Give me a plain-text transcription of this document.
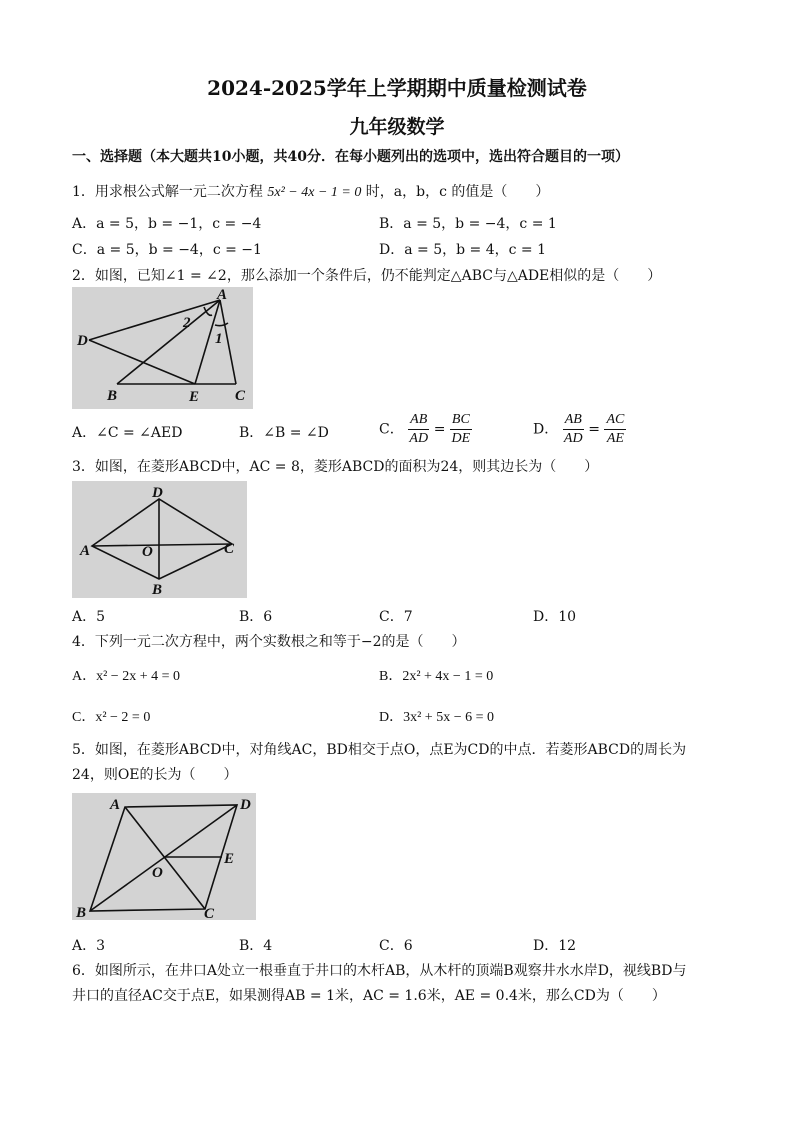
2024-2025学年上学期期中质量检测试卷
九年级数学
一、选择题（本大题共10小题，共40分．在每小题列出的选项中，选出符合题目的一项）
1．用求根公式解一元二次方程 5x² − 4x − 1 = 0 时，a，b，c 的值是（　　）
A．a = 5，b = −1，c = −4	B．a = 5，b = −4，c = 1
C．a = 5，b = −4，c = −1	D．a = 5，b = 4，c = 1
2．如图，已知∠1 = ∠2，那么添加一个条件后，仍不能判定△ABC与△ADE相似的是（　　）
A
D
2
1
B	E C
A．∠C = ∠AED	B．∠B = ∠D	C． $\frac{AB}{AD} = \frac{BC}{DE}$	D． $\frac{AB}{AD} = \frac{AC}{AE}$
3．如图，在菱形ABCD中，AC = 8，菱形ABCD的面积为24，则其边长为（　　）
D
A	O	C
B
A．5	B．6	C．7	D．10
4．下列一元二次方程中，两个实数根之和等于−2的是（　　）
A．x² − 2x + 4 = 0	B．2x² + 4x − 1 = 0
C．x² − 2 = 0	D．3x² + 5x − 6 = 0
5．如图，在菱形ABCD中，对角线AC，BD相交于点O，点E为CD的中点．若菱形ABCD的周长为
24，则OE的长为（　　）
A	D
E
O
B	C
A．3	B．4	C．6	D．12
6．如图所示，在井口A处立一根垂直于井口的木杆AB，从木杆的顶端B观察井水水岸D，视线BD与
井口的直径AC交于点E，如果测得AB = 1米，AC = 1.6米，AE = 0.4米，那么CD为（　　）
